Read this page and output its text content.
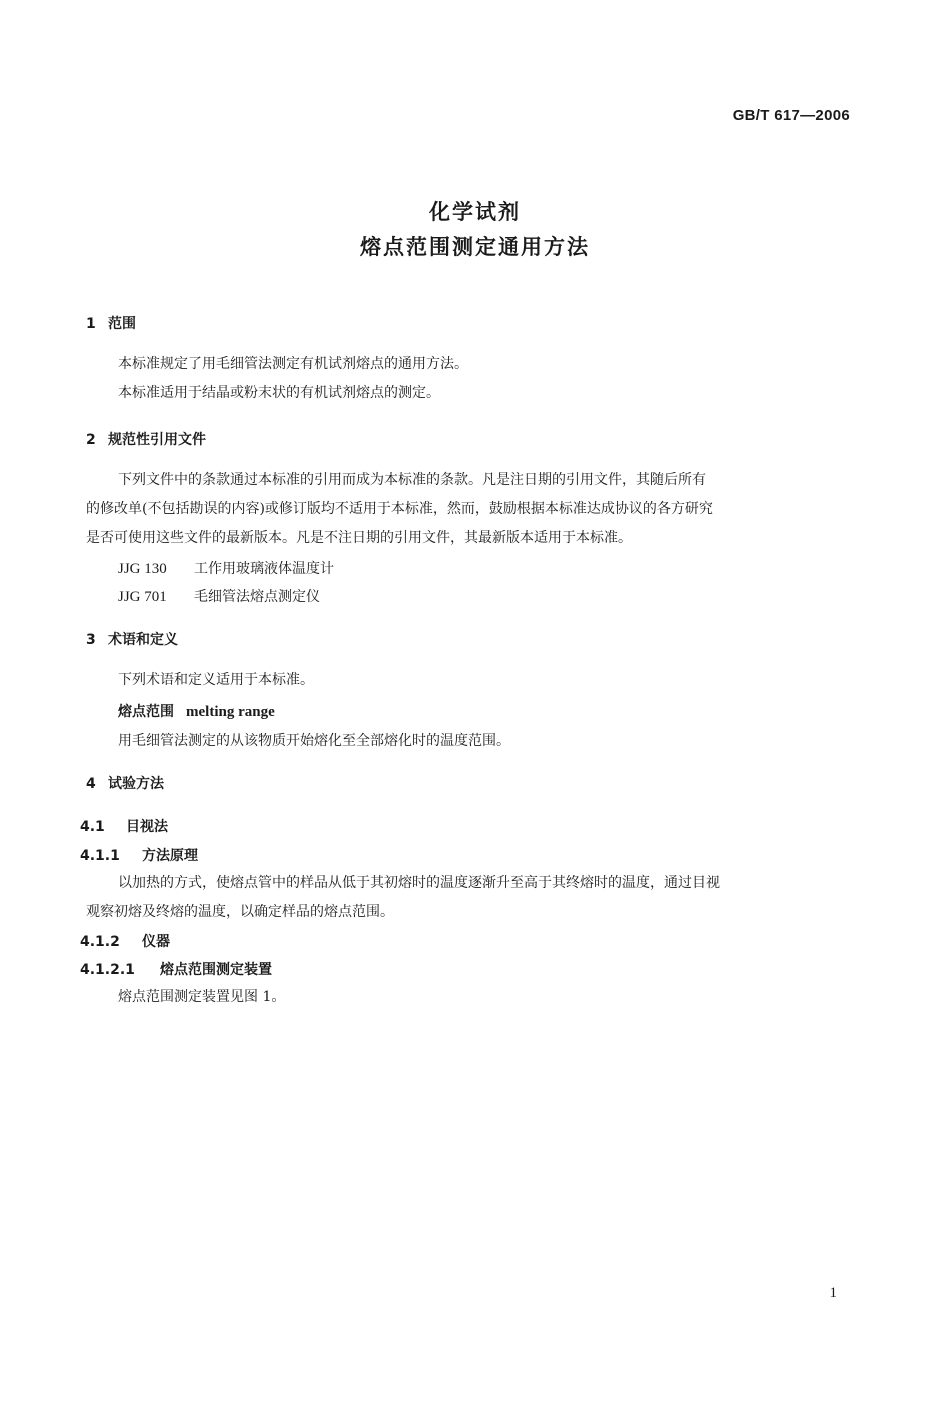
GB/T 617—2006
化学试剂
熔点范围测定通用方法
1 范围
本标准规定了用毛细管法测定有机试剂熔点的通用方法。
本标准适用于结晶或粉末状的有机试剂熔点的测定。
2 规范性引用文件
下列文件中的条款通过本标准的引用而成为本标准的条款。凡是注日期的引用文件，其随后所有
的修改单(不包括勘误的内容)或修订版均不适用于本标准，然而，鼓励根据本标准达成协议的各方研究
是否可使用这些文件的最新版本。凡是不注日期的引用文件，其最新版本适用于本标准。
JJG 130 工作用玻璃液体温度计
JJG 701 毛细管法熔点测定仪
3 术语和定义
下列术语和定义适用于本标准。
熔点范围 melting range
用毛细管法测定的从该物质开始熔化至全部熔化时的温度范围。
4 试验方法
4.1 目视法
4.1.1 方法原理
以加热的方式，使熔点管中的样品从低于其初熔时的温度逐渐升至高于其终熔时的温度，通过目视
观察初熔及终熔的温度，以确定样品的熔点范围。
4.1.2 仪器
4.1.2.1 熔点范围测定装置
熔点范围测定装置见图 1。
1
